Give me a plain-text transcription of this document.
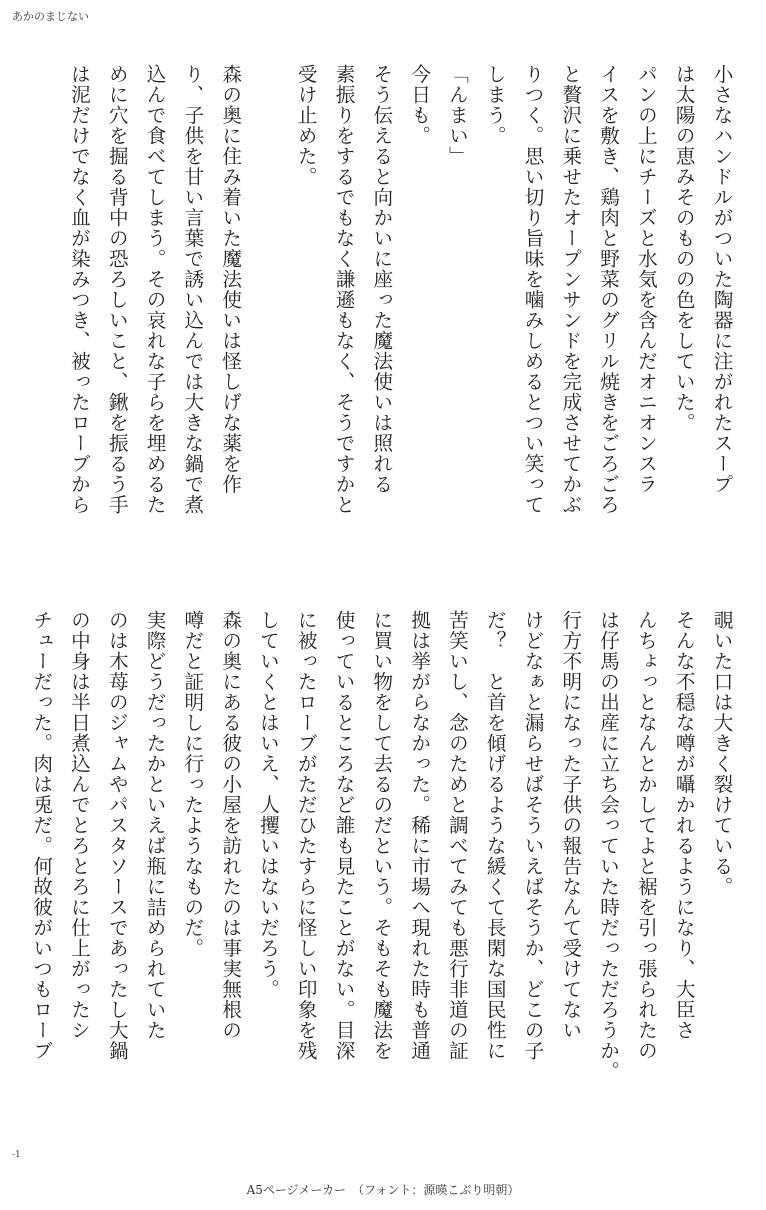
あかのまじない

小さなハンドルがついた陶器に注がれたスープ

は太陽の恵みそのものの色をしていた。

パンの上にチーズと水気を含んだオニオンスラ

イスを敷き、鶏肉と野菜のグリル焼きをごろごろ

と贅沢に乗せたオープンサンドを完成させてかぶ

りつく。思い切り旨味を噛みしめるとつい笑って

しまう。

「んまい」

今日も。

そう伝えると向かいに座った魔法使いは照れる

素振りをするでもなく謙遜もなく、そうですかと

受け止めた。

森の奥に住み着いた魔法使いは怪しげな薬を作

り、子供を甘い言葉で誘い込んでは大きな鍋で煮

込んで食べてしまう。その哀れな子らを埋めるた

めに穴を掘る背中の恐ろしいこと、鍬を振るう手

は泥だけでなく血が染みつき、被ったローブから

覗いた口は大きく裂けている。

そんな不穏な噂が囁かれるようになり、大臣さ

んちょっとなんとかしてよと裾を引っ張られたの

は仔馬の出産に立ち会っていた時だっただろうか。

行方不明になった子供の報告なんて受けてない

けどなぁと漏らせばそういえばそうか、どこの子

だ？　と首を傾げるような緩くて長閑な国民性に

苦笑いし、念のためと調べてみても悪行非道の証

拠は挙がらなかった。稀に市場へ現れた時も普通

に買い物をして去るのだという。そもそも魔法を

使っているところなど誰も見たことがない。目深

に被ったローブがただひたすらに怪しい印象を残

していくとはいえ、人攫いはないだろう。

森の奥にある彼の小屋を訪れたのは事実無根の

噂だと証明しに行ったようなものだ。

実際どうだったかといえば瓶に詰められていた

のは木苺のジャムやパスタソースであったし大鍋

の中身は半日煮込んでとろとろに仕上がったシ

チューだった。肉は兎だ。何故彼がいつもローブ

-1
A5ページメーカー　（フォント：源暎こぶり明朝）
